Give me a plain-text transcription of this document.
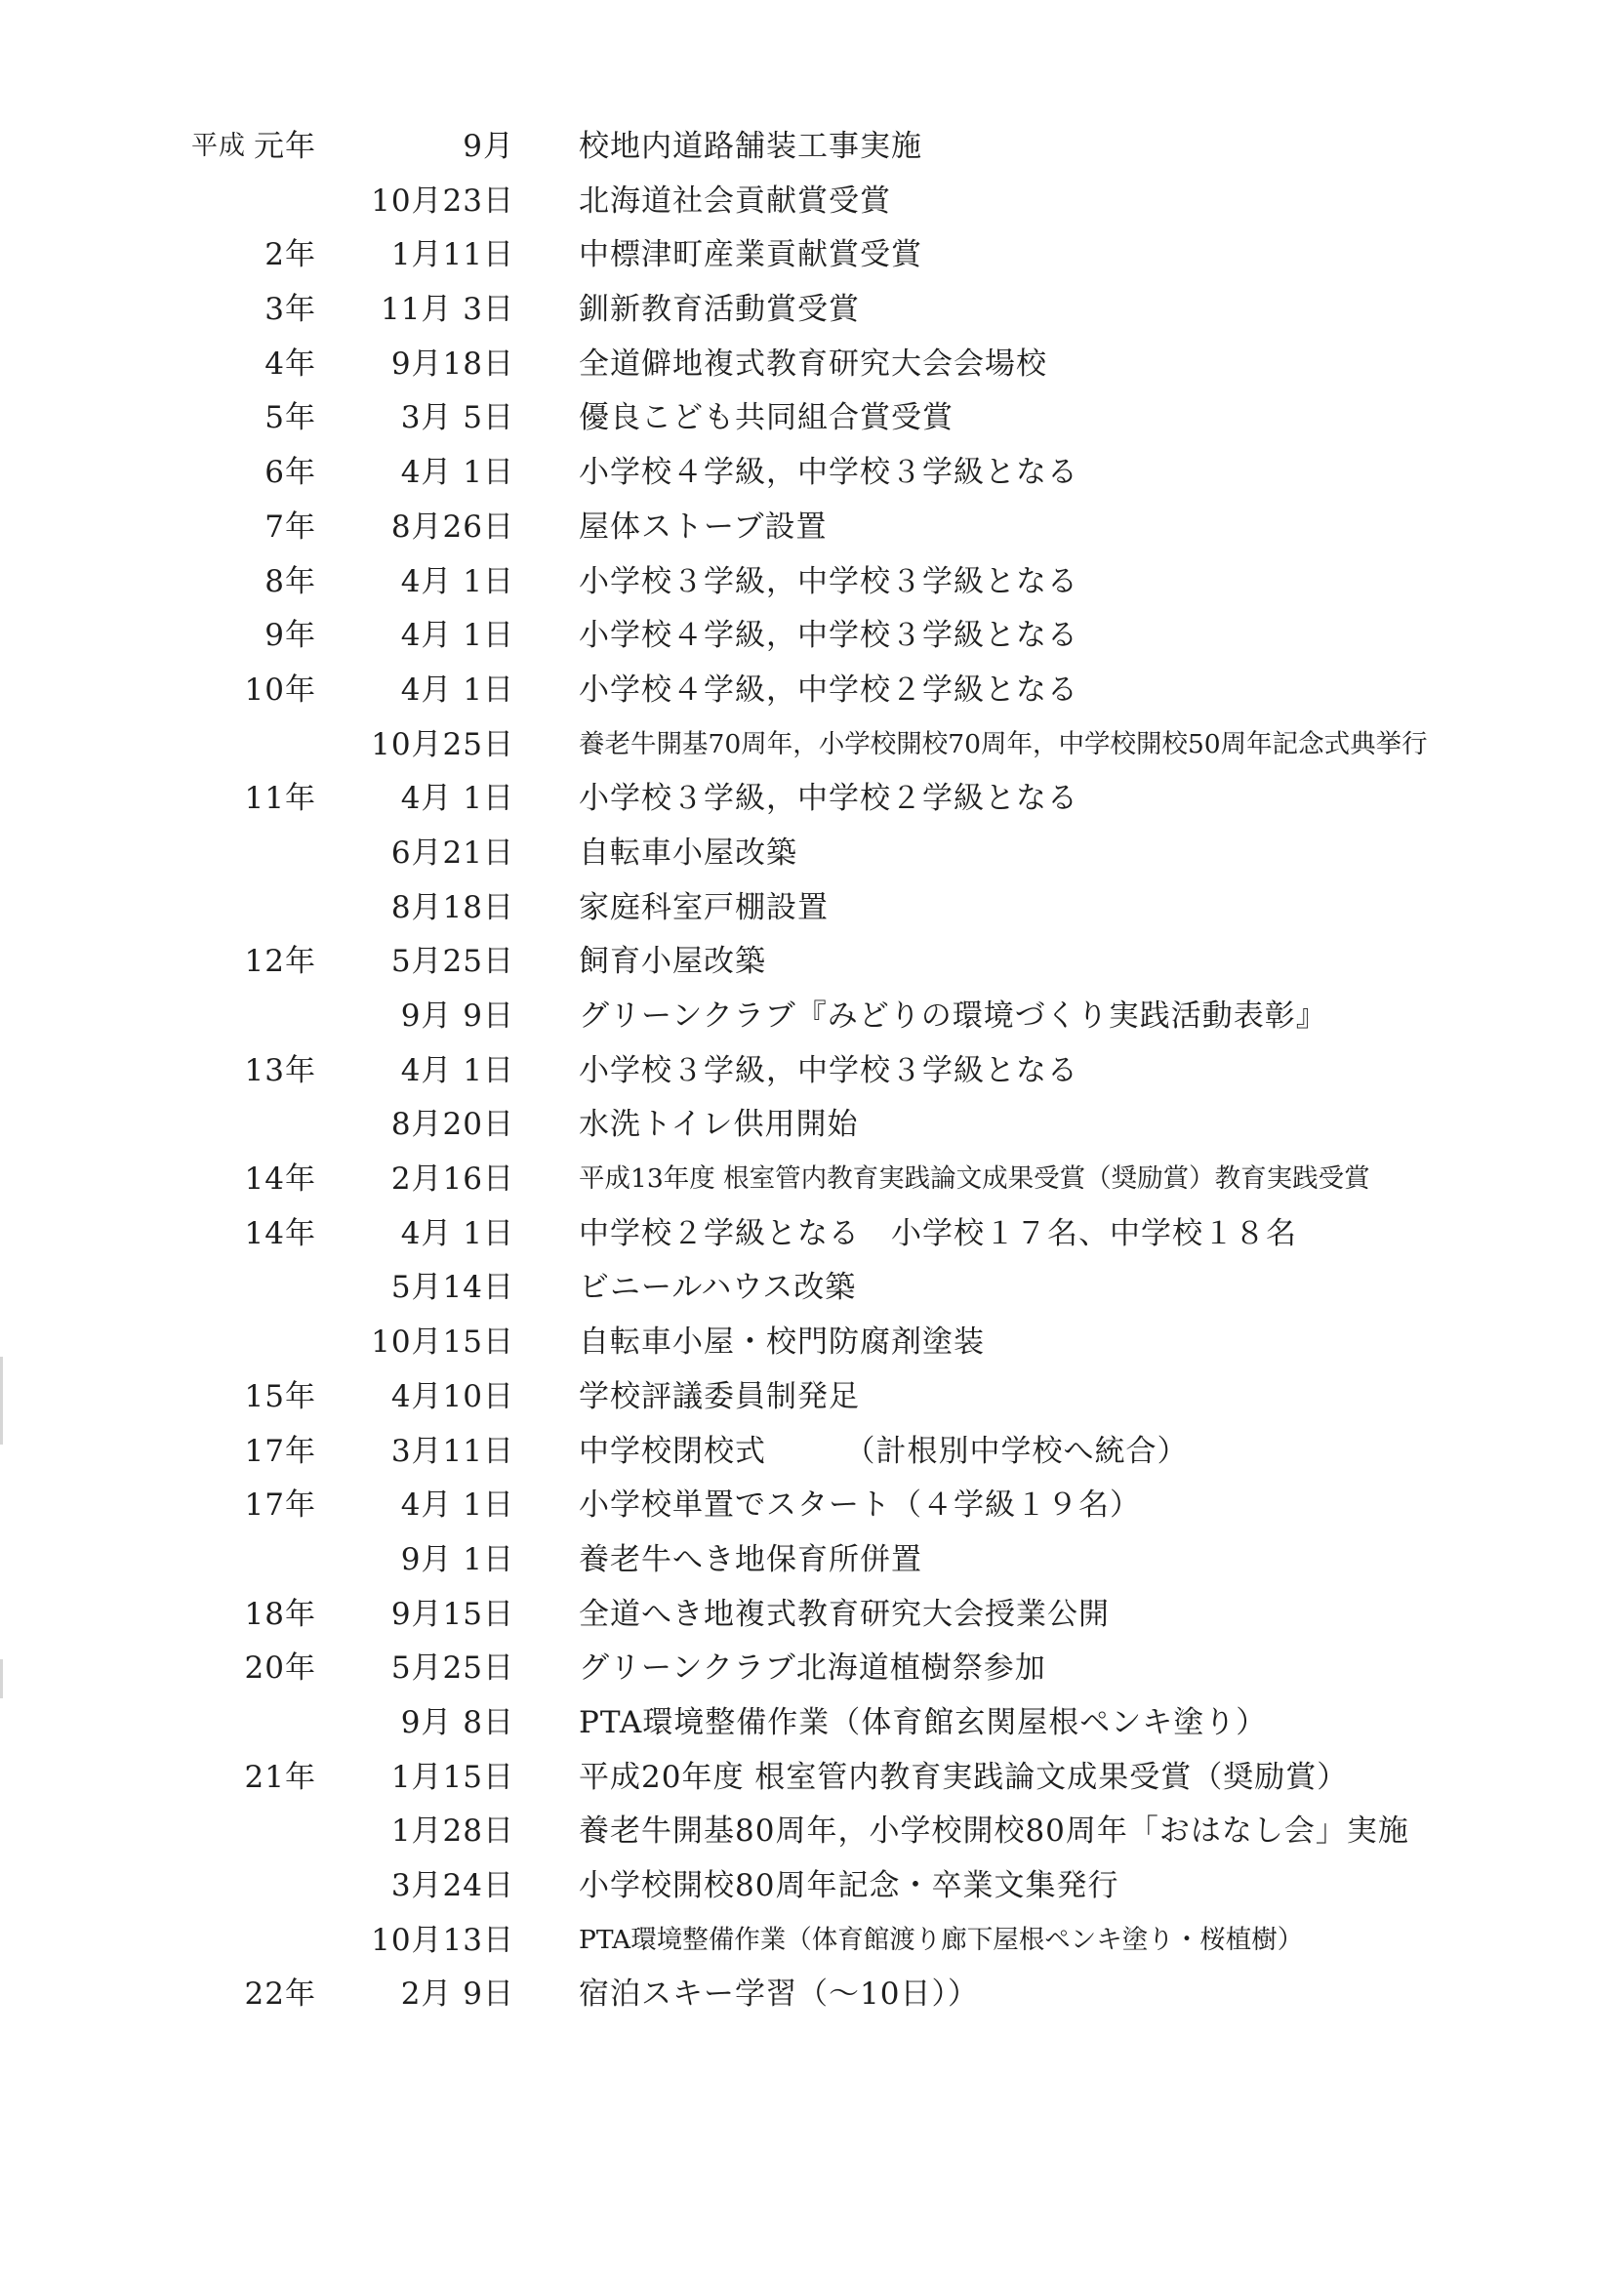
平成 元年	9月 校地内道路舗装工事実施
10月23日 北海道社会貢献賞受賞
2年 1月11日 中標津町産業貢献賞受賞
3年 11月 3日 釧新教育活動賞受賞
4年 9月18日 全道僻地複式教育研究大会会場校
5年	3月 5日 優良こども共同組合賞受賞
6年	4月 1日 小学校４学級，中学校３学級となる
7年 8月26日 屋体ストーブ設置
8年	4月 1日 小学校３学級，中学校３学級となる
9年	4月 1日 小学校４学級，中学校３学級となる
10年	4月 1日 小学校４学級，中学校２学級となる
10月25日 養老牛開基70周年，小学校開校70周年，中学校開校50周年記念式典挙行
11年	4月 1日 小学校３学級，中学校２学級となる
6月21日 自転車小屋改築
8月18日 家庭科室戸棚設置
12年 5月25日 飼育小屋改築
9月 9日 グリーンクラブ『みどりの環境づくり実践活動表彰』
13年	4月 1日 小学校３学級，中学校３学級となる
8月20日 水洗トイレ供用開始
14年 2月16日 平成13年度 根室管内教育実践論文成果受賞（奨励賞）教育実践受賞
14年	4月 1日 中学校２学級となる　小学校１７名、中学校１８名
5月14日 ビニールハウス改築
10月15日 自転車小屋・校門防腐剤塗装
15年 4月10日 学校評議委員制発足
17年 3月11日 中学校閉校式　　　（計根別中学校へ統合）
17年	4月 1日 小学校単置でスタート（４学級１９名）
9月 1日 養老牛へき地保育所併置
18年 9月15日 全道へき地複式教育研究大会授業公開
20年 5月25日 グリーンクラブ北海道植樹祭参加
9月 8日 PTA環境整備作業（体育館玄関屋根ペンキ塗り）
21年 1月15日 平成20年度 根室管内教育実践論文成果受賞（奨励賞）
1月28日 養老牛開基80周年，小学校開校80周年「おはなし会」実施
3月24日 小学校開校80周年記念・卒業文集発行
10月13日 PTA環境整備作業（体育館渡り廊下屋根ペンキ塗り・桜植樹）
22年	2月 9日 宿泊スキー学習（～10日））
